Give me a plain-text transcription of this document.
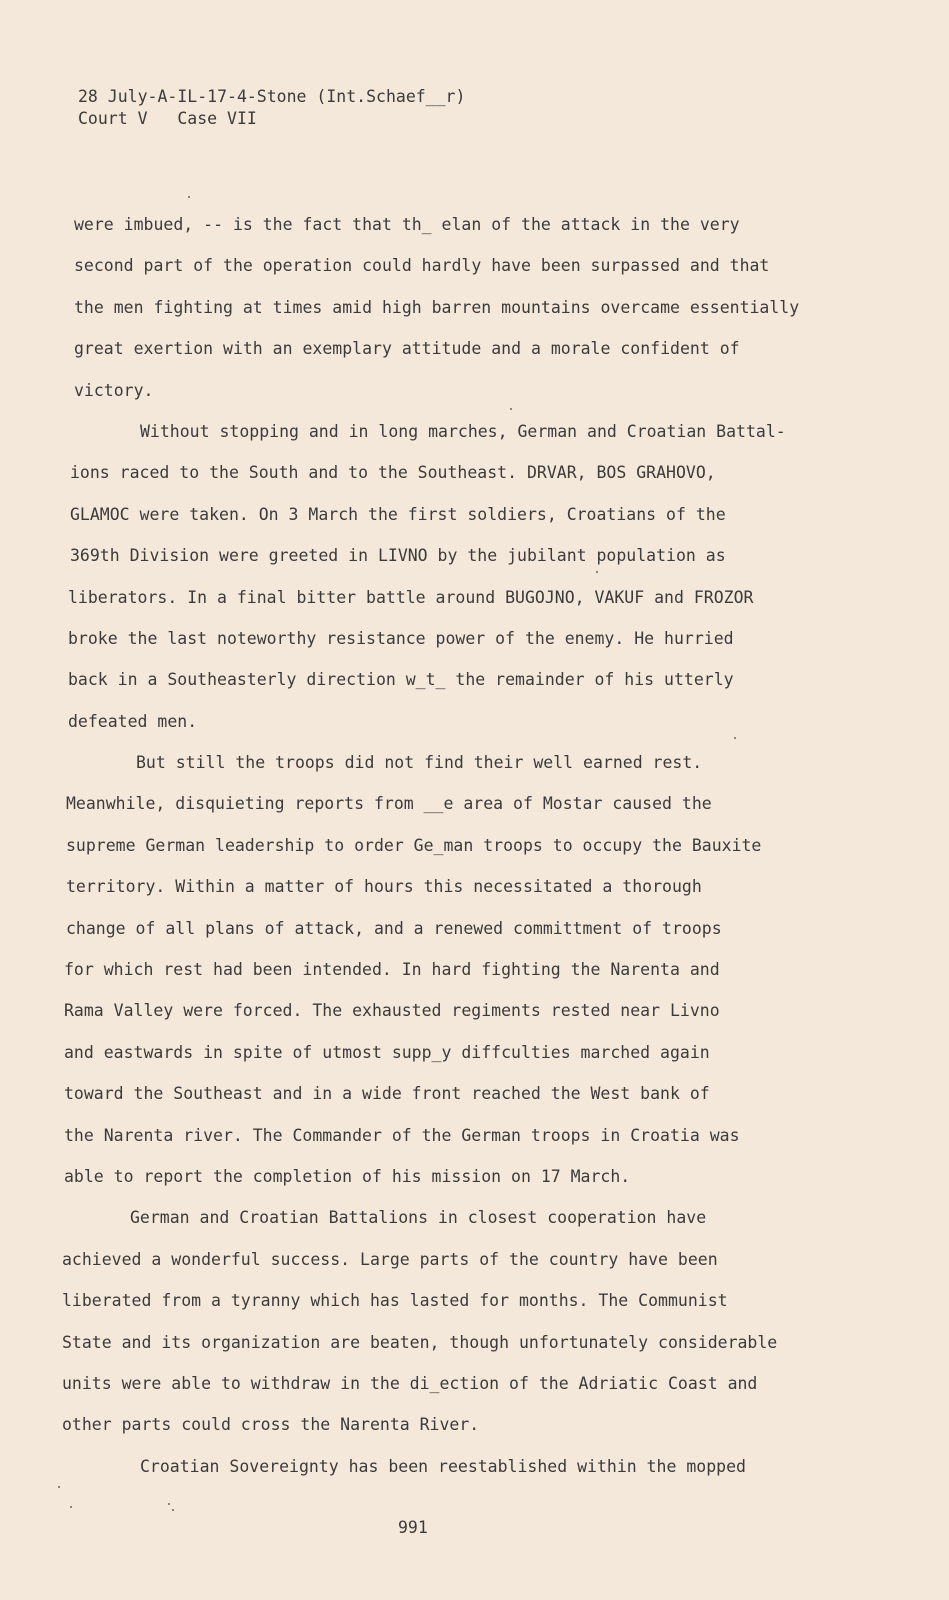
28 July-A-IL-17-4-Stone (Int.Schaef__r)
Court V   Case VII
were imbued, -- is the fact that th_ elan of the attack in the very
second part of the operation could hardly have been surpassed and that
the men fighting at times amid high barren mountains overcame essentially
great exertion with an exemplary attitude and a morale confident of
victory.
Without stopping and in long marches, German and Croatian Battal-
ions raced to the South and to the Southeast. DRVAR, BOS GRAHOVO,
GLAMOC were taken. On 3 March the first soldiers, Croatians of the
369th Division were greeted in LIVNO by the jubilant population as
liberators. In a final bitter battle around BUGOJNO, VAKUF and FROZOR
broke the last noteworthy resistance power of the enemy. He hurried
back in a Southeasterly direction w_t_ the remainder of his utterly
defeated men.
But still the troops did not find their well earned rest.
Meanwhile, disquieting reports from __e area of Mostar caused the
supreme German leadership to order Ge_man troops to occupy the Bauxite
territory. Within a matter of hours this necessitated a thorough
change of all plans of attack, and a renewed committment of troops
for which rest had been intended. In hard fighting the Narenta and
Rama Valley were forced. The exhausted regiments rested near Livno
and eastwards in spite of utmost supp_y diffculties marched again
toward the Southeast and in a wide front reached the West bank of
the Narenta river. The Commander of the German troops in Croatia was
able to report the completion of his mission on 17 March.
German and Croatian Battalions in closest cooperation have
achieved a wonderful success. Large parts of the country have been
liberated from a tyranny which has lasted for months. The Communist
State and its organization are beaten, though unfortunately considerable
units were able to withdraw in the di_ection of the Adriatic Coast and
other parts could cross the Narenta River.
Croatian Sovereignty has been reestablished within the mopped
991
